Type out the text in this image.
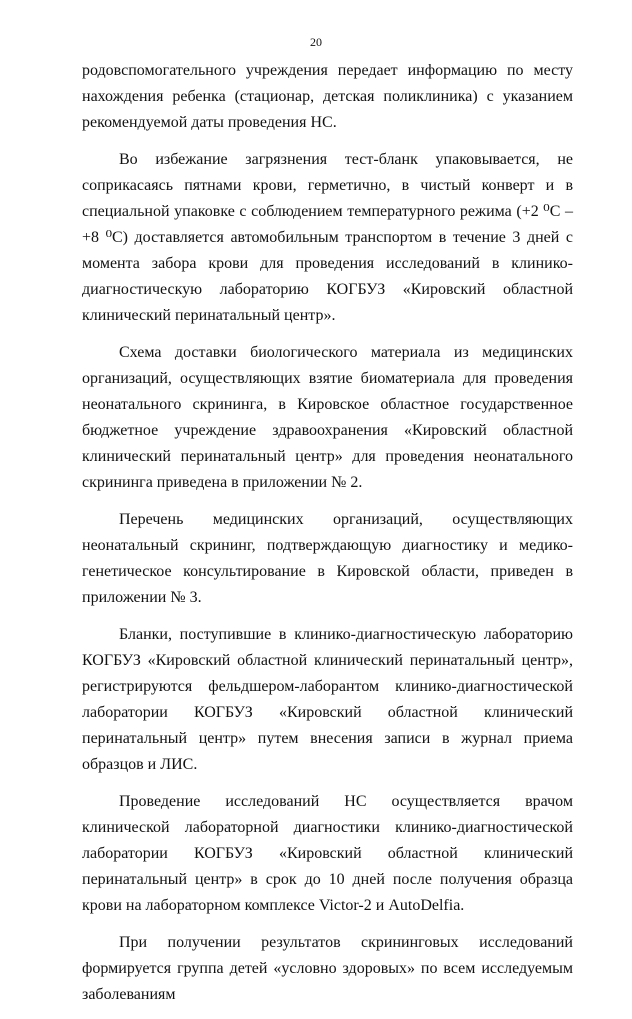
20

родовспомогательного учреждения передает информацию по месту нахождения ребенка (стационар, детская поликлиника) с указанием рекомендуемой даты проведения НС.

Во избежание загрязнения тест-бланк упаковывается, не соприкасаясь пятнами крови, герметично, в чистый конверт и в специальной упаковке с соблюдением температурного режима (+2 ⁰С – +8 ⁰С) доставляется автомобильным транспортом в течение 3 дней с момента забора крови для проведения исследований в клинико-диагностическую лабораторию КОГБУЗ «Кировский областной клинический перинатальный центр».

Схема доставки биологического материала из медицинских организаций, осуществляющих взятие биоматериала для проведения неонатального скрининга, в Кировское областное государственное бюджетное учреждение здравоохранения «Кировский областной клинический перинатальный центр» для проведения неонатального скрининга приведена в приложении № 2.

Перечень медицинских организаций, осуществляющих неонатальный скрининг, подтверждающую диагностику и медико-генетическое консультирование в Кировской области, приведен в приложении № 3.

Бланки, поступившие в клинико-диагностическую лабораторию КОГБУЗ «Кировский областной клинический перинатальный центр», регистрируются фельдшером-лаборантом клинико-диагностической лаборатории КОГБУЗ «Кировский областной клинический перинатальный центр» путем внесения записи в журнал приема образцов и ЛИС.

Проведение исследований НС осуществляется врачом клинической лабораторной диагностики клинико-диагностической лаборатории КОГБУЗ «Кировский областной клинический перинатальный центр» в срок до 10 дней после получения образца крови на лабораторном комплексе Victor-2 и AutoDelfia.

При получении результатов скрининговых исследований формируется группа детей «условно здоровых» по всем исследуемым заболеваниям
